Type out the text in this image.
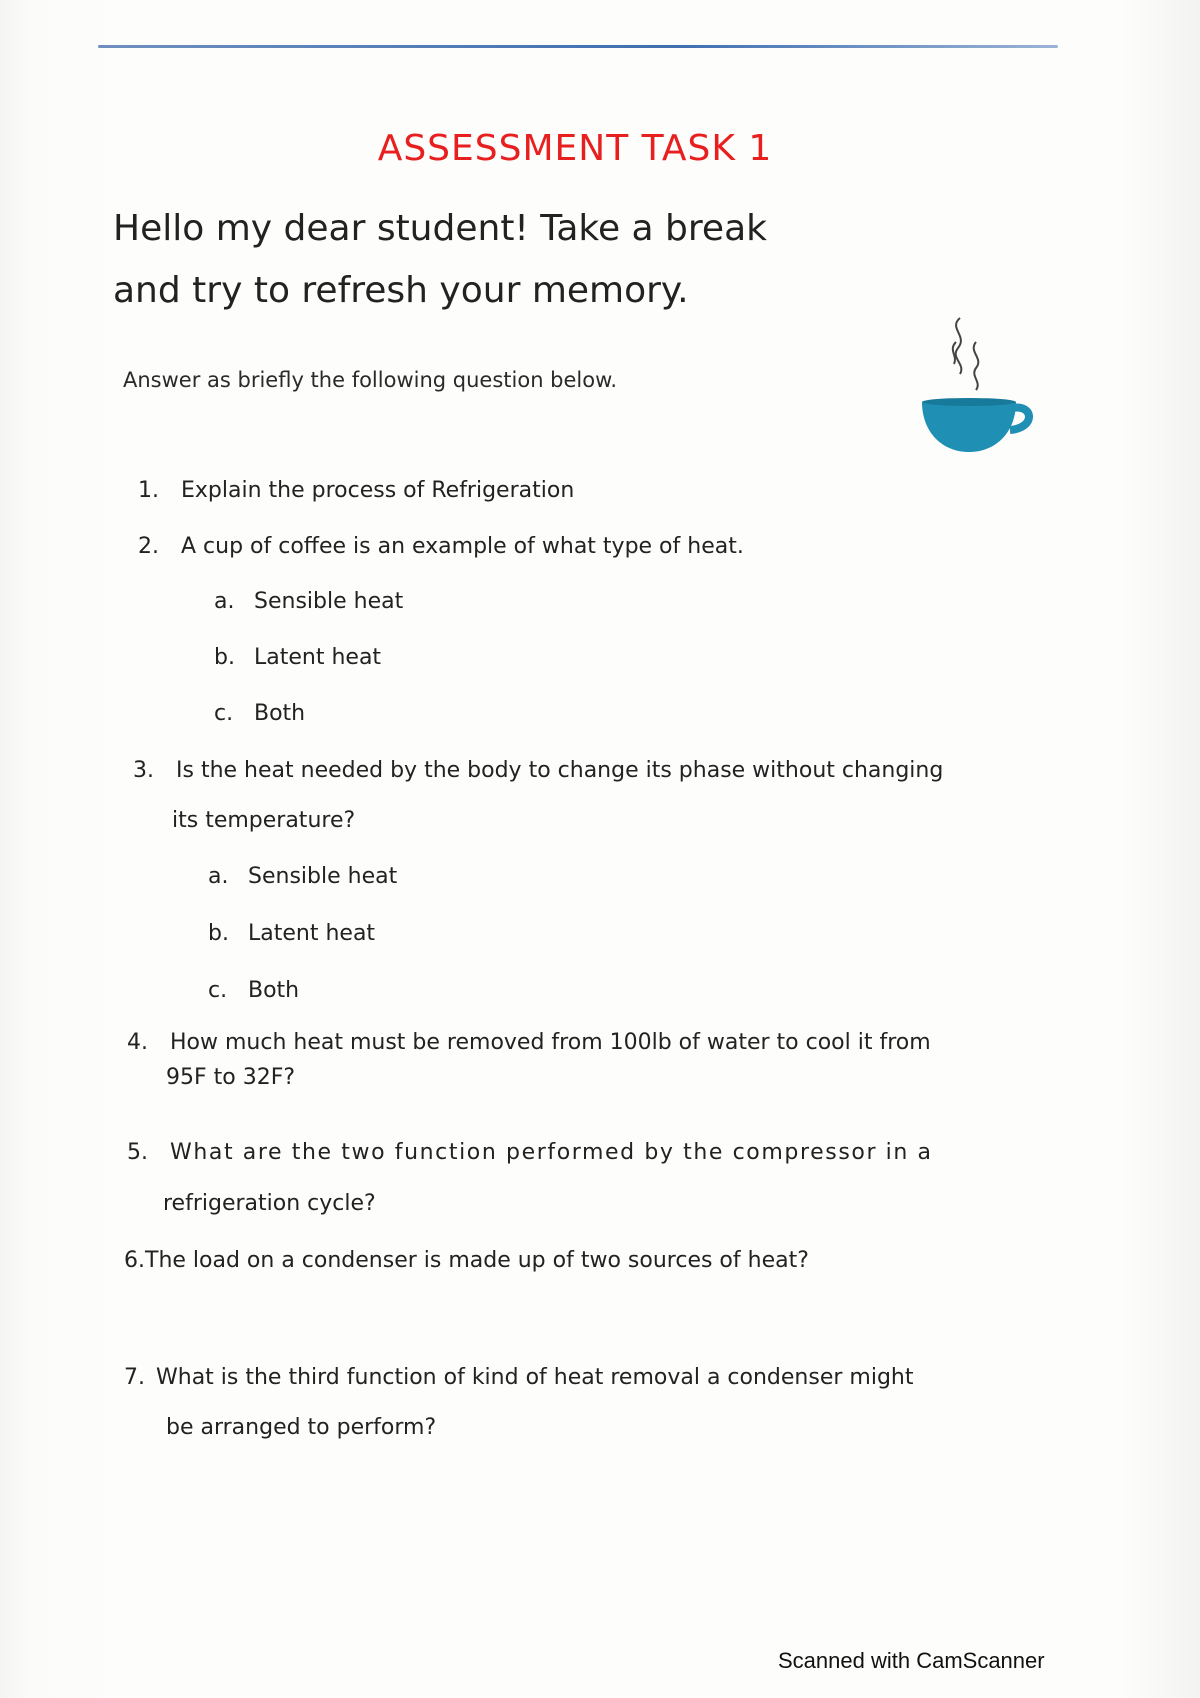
ASSESSMENT TASK 1
Hello my dear student! Take a break
and try to refresh your memory.
Answer as briefly the following question below.
1. Explain the process of Refrigeration
2. A cup of coffee is an example of what type of heat.
a. Sensible heat
b. Latent heat
c. Both
3. Is the heat needed by the body to change its phase without changing
its temperature?
a. Sensible heat
b. Latent heat
c. Both
4. How much heat must be removed from 100lb of water to cool it from
95F to 32F?
5. What are the two function performed by the compressor in a
refrigeration cycle?
6.The load on a condenser is made up of two sources of heat?
7. What is the third function of kind of heat removal a condenser might
be arranged to perform?
Scanned with CamScanner
